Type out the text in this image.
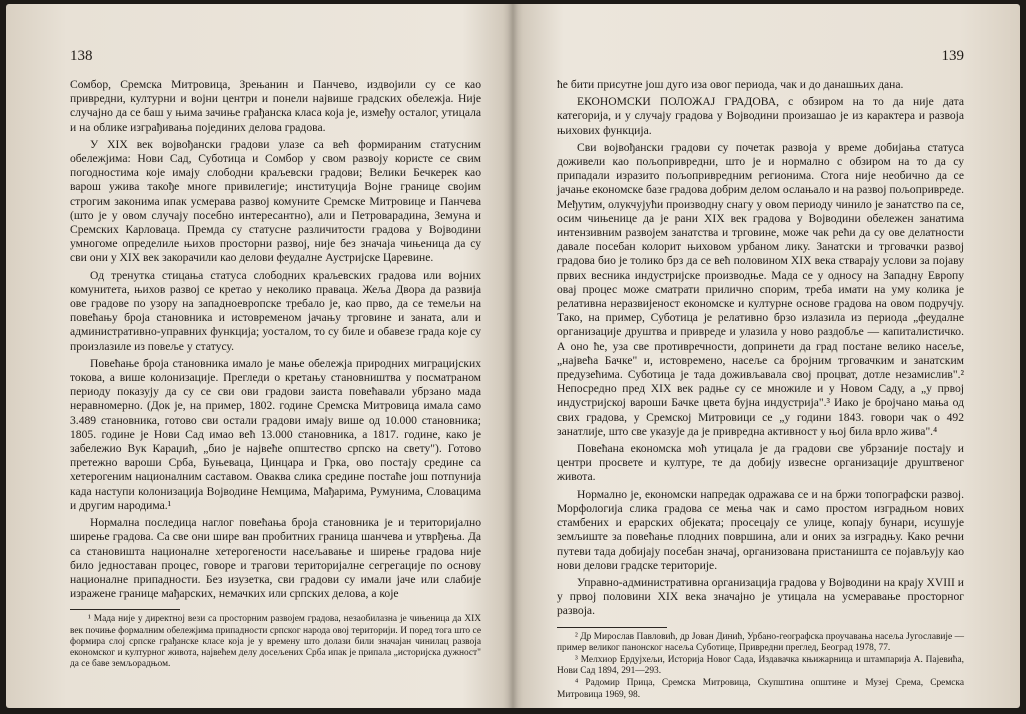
138

Сомбор, Сремска Митровица, Зрењанин и Панчево, издвојили су се као привредни, културни и војни центри и понели највише градских обележја. Није случајно да се баш у њима зачиње грађанска класа која је, између осталог, утицала и на облике изграђивања појединих делова градова.

У XIX век војвођански градови улазе са већ формираним статусним обележјима: Нови Сад, Суботица и Сомбор у свом развоју користе се свим погодностима које имају слободни краљевски градови; Велики Бечкерек као варош ужива такође многе привилегије; институција Војне границе својим строгим законима ипак усмерава развој комуните Сремске Митровице и Панчева (што је у овом случају посебно интересантно), али и Петроварадина, Земуна и Сремских Карловаца. Премда су статусне различитости градова у Војводини умногоме определиле њихов просторни развој, није без значаја чињеница да су сви они у XIX век закорачили као делови феудалне Аустријске Царевине.

Од тренутка стицања статуса слободних краљевских градова или војних комунитета, њихов развој се кретао у неколико праваца. Жеља Двора да развија ове градове по узору на западноевропске требало је, као прво, да се темељи на повећању броја становника и истовременом јачању трговине и заната, али и административно-управних функција; уосталом, то су биле и обавезе града које су произлазиле из повеље у статусу.

Повећање броја становника имало је мање обележја природних миграцијских токова, а више колонизације. Прегледи о кретању становништва у посматраном периоду показују да су се сви ови градови заиста повећавали убрзано мада неравномерно. (Док је, на пример, 1802. године Сремска Митровица имала само 3.489 становника, готово сви остали градови имају више од 10.000 становника; 1805. године је Нови Сад имао већ 13.000 становника, а 1817. године, како је забележио Вук Караџић, „био је највеће општество српско на свету"). Готово претежно вароши Срба, Буњеваца, Цинцара и Грка, ово постају средине са хетерогеним националним саставом. Оваква слика средине постаће још потпунија када наступи колонизација Војводине Немцима, Мађарима, Румунима, Словацима и другим народима.¹

Нормална последица наглог повећања броја становника је и територијално ширење градова. Са све они шире ван пробитних граница шанчева и утврђења. Да са становишта националне хетерогености насељавање и ширење градова није било једноставан процес, говоре и трагови територијалне сегрегације по основу националне припадности. Без изузетка, сви градови су имали јаче или слабије изражене границе мађарских, немачких или српских делова, а које

¹ Мада није у директној вези са просторним развојем градова, незаобилазна је чињеница да XIX век почиње формалним обележјима припадности српског народа овој територији. И поред тога што се формира слој српске грађанске класе која је у времену што долази били значајан чинилац развоја економског и културног живота, највећем делу досељених Срба ипак је припала „историјска дужност" да се баве земљорадњом.

139

ће бити присутне још дуго иза овог периода, чак и до данашњих дана.

ЕКОНОМСКИ ПОЛОЖАЈ ГРАДОВА, с обзиром на то да није дата категорија, и у случају градова у Војводини произашао је из карактера и развоја њихових функција.

Сви војвођански градови су почетак развоја у време добијања статуса доживели као пољопривредни, што је и нормално с обзиром на то да су припадали изразито пољопривредним регионима. Стога није необично да се јачање економске базе градова добрим делом ослањало и на развој пољопривреде. Међутим, олукчујући производну снагу у овом периоду чинило је занатство па се, осим чињенице да је рани XIX век градова у Војводини обележен занатима интензивним развојем занатства и трговине, може чак рећи да су ове делатности давале посебан колорит њиховом урбаном лику. Занатски и трговачки развој градова био је толико брз да се већ половином XIX века стварају услови за појаву првих весника индустријске производње. Мада се у односу на Западну Европу овај процес може сматрати прилично спорим, треба имати на уму колика је релативна неразвијеност економске и културне основе градова на овом подручју. Тако, на пример, Суботица је релативно брзо излазила из периода „феудалне организације друштва и привреде и улазила у ново раздобље — капиталистичко. А оно ће, уза све противречности, допринети да град постане велико насеље, „највећа Бачке" и, истовремено, насеље са бројним трговачким и занатским предузећима. Суботица је тада доживљавала свој процват, дотле незамислив".² Непосредно пред XIX век радње су се множиле и у Новом Саду, а „у првој индустријској вароши Бачке цвета бујна индустрија".³ Иако је бројчано мања од свих градова, у Сремској Митровици се „у години 1843. говори чак о 492 занатлије, што све указује да је привредна активност у њој била врло жива".⁴

Повећана економска моћ утицала је да градови све убрзаније постају и центри просвете и културе, те да добију извесне организације друштвеног живота.

Нормално је, економски напредак одражава се и на бржи топографски развој. Морфологија слика градова се мења чак и само простом изградњом нових стамбених и ерарских објеката; просецају се улице, копају бунари, исушује земљиште за повећање плодних површина, али и оних за изградњу. Како речни путеви тада добијају посебан значај, организована пристаништа се појављују као нови делови градске територије.

Управно-административна организација градова у Војводини на крају XVIII и у првој половини XIX века значајно је утицала на усмеравање просторног развоја.

² Др Мирослав Павловић, др Јован Динић, Урбано-географска проучавања насеља Југославије — пример великог панонског насеља Суботице, Привредни преглед, Београд 1978, 77.

³ Мелхиор Ердујхељи, Историја Новог Сада, Издавачка књижарница и штампарија А. Пајевића, Нови Сад 1894, 291—293.

⁴ Радомир Прица, Сремска Митровица, Скупштина општине и Музеј Срема, Сремска Митровица 1969, 98.
